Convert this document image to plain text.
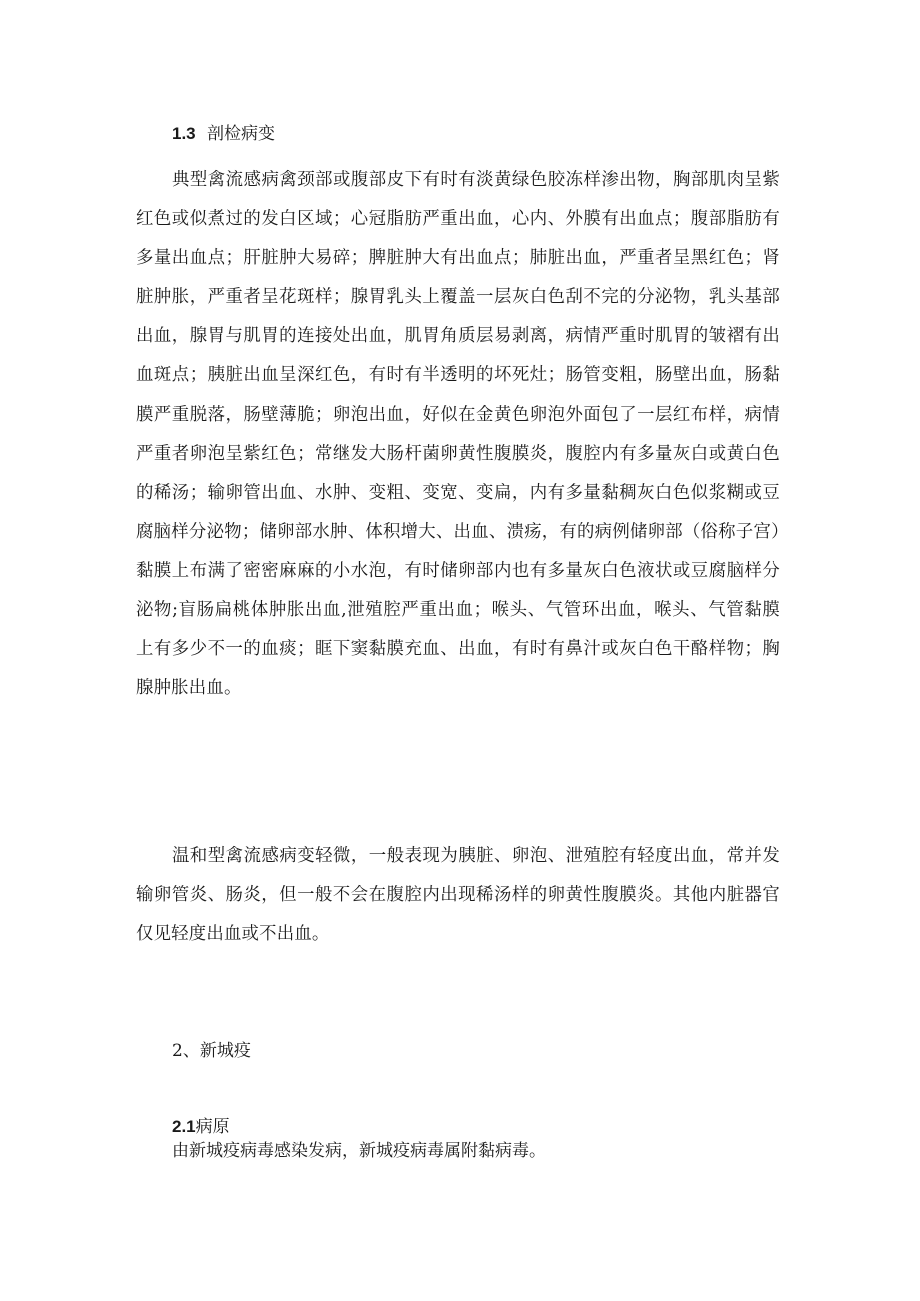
1.3 剖检病变

典型禽流感病禽颈部或腹部皮下有时有淡黄绿色胶冻样渗出物，胸部肌肉呈紫红色或似煮过的发白区域；心冠脂肪严重出血，心内、外膜有出血点；腹部脂肪有多量出血点；肝脏肿大易碎；脾脏肿大有出血点；肺脏出血，严重者呈黑红色；肾脏肿胀，严重者呈花斑样；腺胃乳头上覆盖一层灰白色刮不完的分泌物，乳头基部出血，腺胃与肌胃的连接处出血，肌胃角质层易剥离，病情严重时肌胃的皱褶有出血斑点；胰脏出血呈深红色，有时有半透明的坏死灶；肠管变粗，肠壁出血，肠黏膜严重脱落，肠壁薄脆；卵泡出血，好似在金黄色卵泡外面包了一层红布样，病情严重者卵泡呈紫红色；常继发大肠杆菌卵黄性腹膜炎，腹腔内有多量灰白或黄白色的稀汤；输卵管出血、水肿、变粗、变宽、变扁，内有多量黏稠灰白色似浆糊或豆腐脑样分泌物；储卵部水肿、体积增大、出血、溃疡，有的病例储卵部（俗称子宫）黏膜上布满了密密麻麻的小水泡，有时储卵部内也有多量灰白色液状或豆腐脑样分泌物;盲肠扁桃体肿胀出血,泄殖腔严重出血；喉头、气管环出血，喉头、气管黏膜上有多少不一的血痰；眶下窦黏膜充血、出血，有时有鼻汁或灰白色干酪样物；胸腺肿胀出血。

温和型禽流感病变轻微，一般表现为胰脏、卵泡、泄殖腔有轻度出血，常并发输卵管炎、肠炎，但一般不会在腹腔内出现稀汤样的卵黄性腹膜炎。其他内脏器官仅见轻度出血或不出血。

2、新城疫
2.1病原
由新城疫病毒感染发病，新城疫病毒属附黏病毒。
